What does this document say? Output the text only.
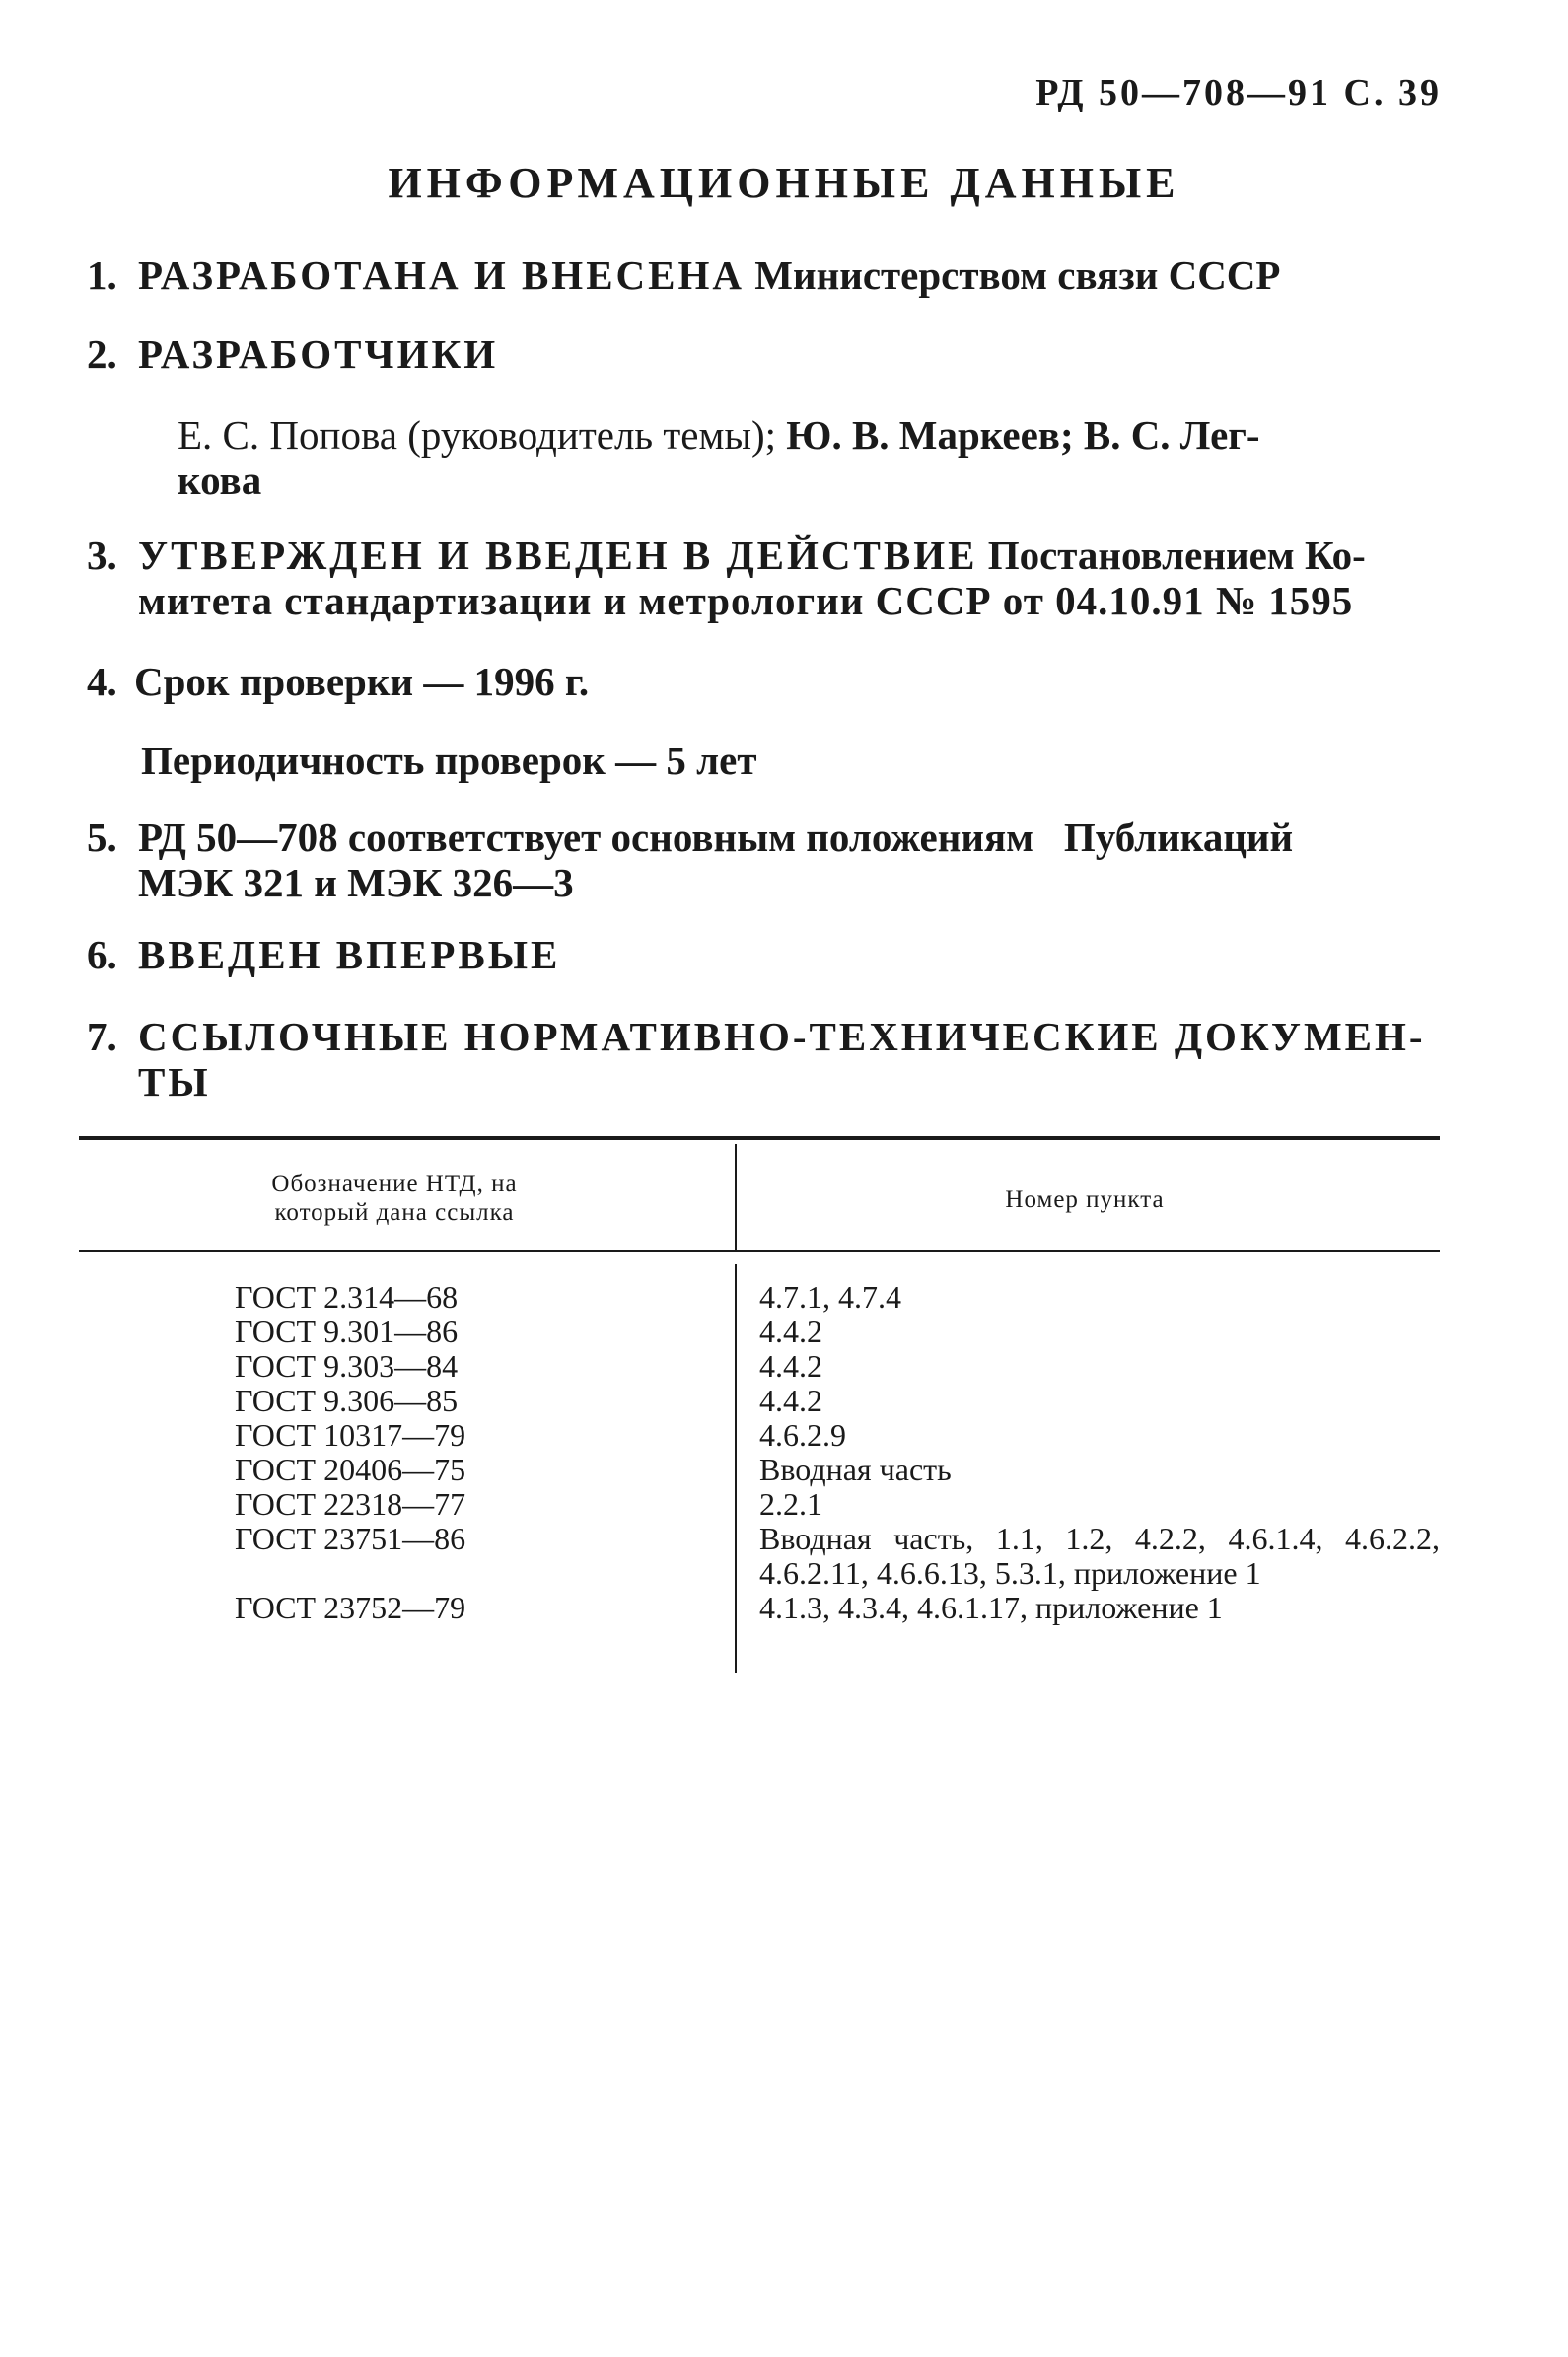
РД 50—708—91 С. 39
ИНФОРМАЦИОННЫЕ ДАННЫЕ
1. РАЗРАБОТАНА И ВНЕСЕНА Министерством связи СССР
2. РАЗРАБОТЧИКИ
Е. С. Попова (руководитель темы); Ю. В. Маркеев; В. С. Лег-
кова
3. УТВЕРЖДЕН И ВВЕДЕН В ДЕЙСТВИЕ Постановлением Ко-
митета стандартизации и метрологии СССР от 04.10.91 № 1595
4. Срок проверки — 1996 г.
Периодичность проверок — 5 лет
5. РД 50—708 соответствует основным положениям   Публикаций
МЭК 321 и МЭК 326—3
6. ВВЕДЕН ВПЕРВЫЕ
7. ССЫЛОЧНЫЕ НОРМАТИВНО-ТЕХНИЧЕСКИЕ ДОКУМЕН-
ТЫ
Обозначение НТД, на
который дана ссылка	Номер пункта
ГОСТ 2.314—68	4.7.1, 4.7.4
ГОСТ 9.301—86	4.4.2
ГОСТ 9.303—84	4.4.2
ГОСТ 9.306—85	4.4.2
ГОСТ 10317—79	4.6.2.9
ГОСТ 20406—75	Вводная часть
ГОСТ 22318—77	2.2.1
ГОСТ 23751—86	Вводная часть, 1.1, 1.2, 4.2.2, 4.6.1.4, 4.6.2.2, 4.6.2.11, 4.6.6.13, 5.3.1, приложение 1
ГОСТ 23752—79	4.1.3, 4.3.4, 4.6.1.17, приложение 1
